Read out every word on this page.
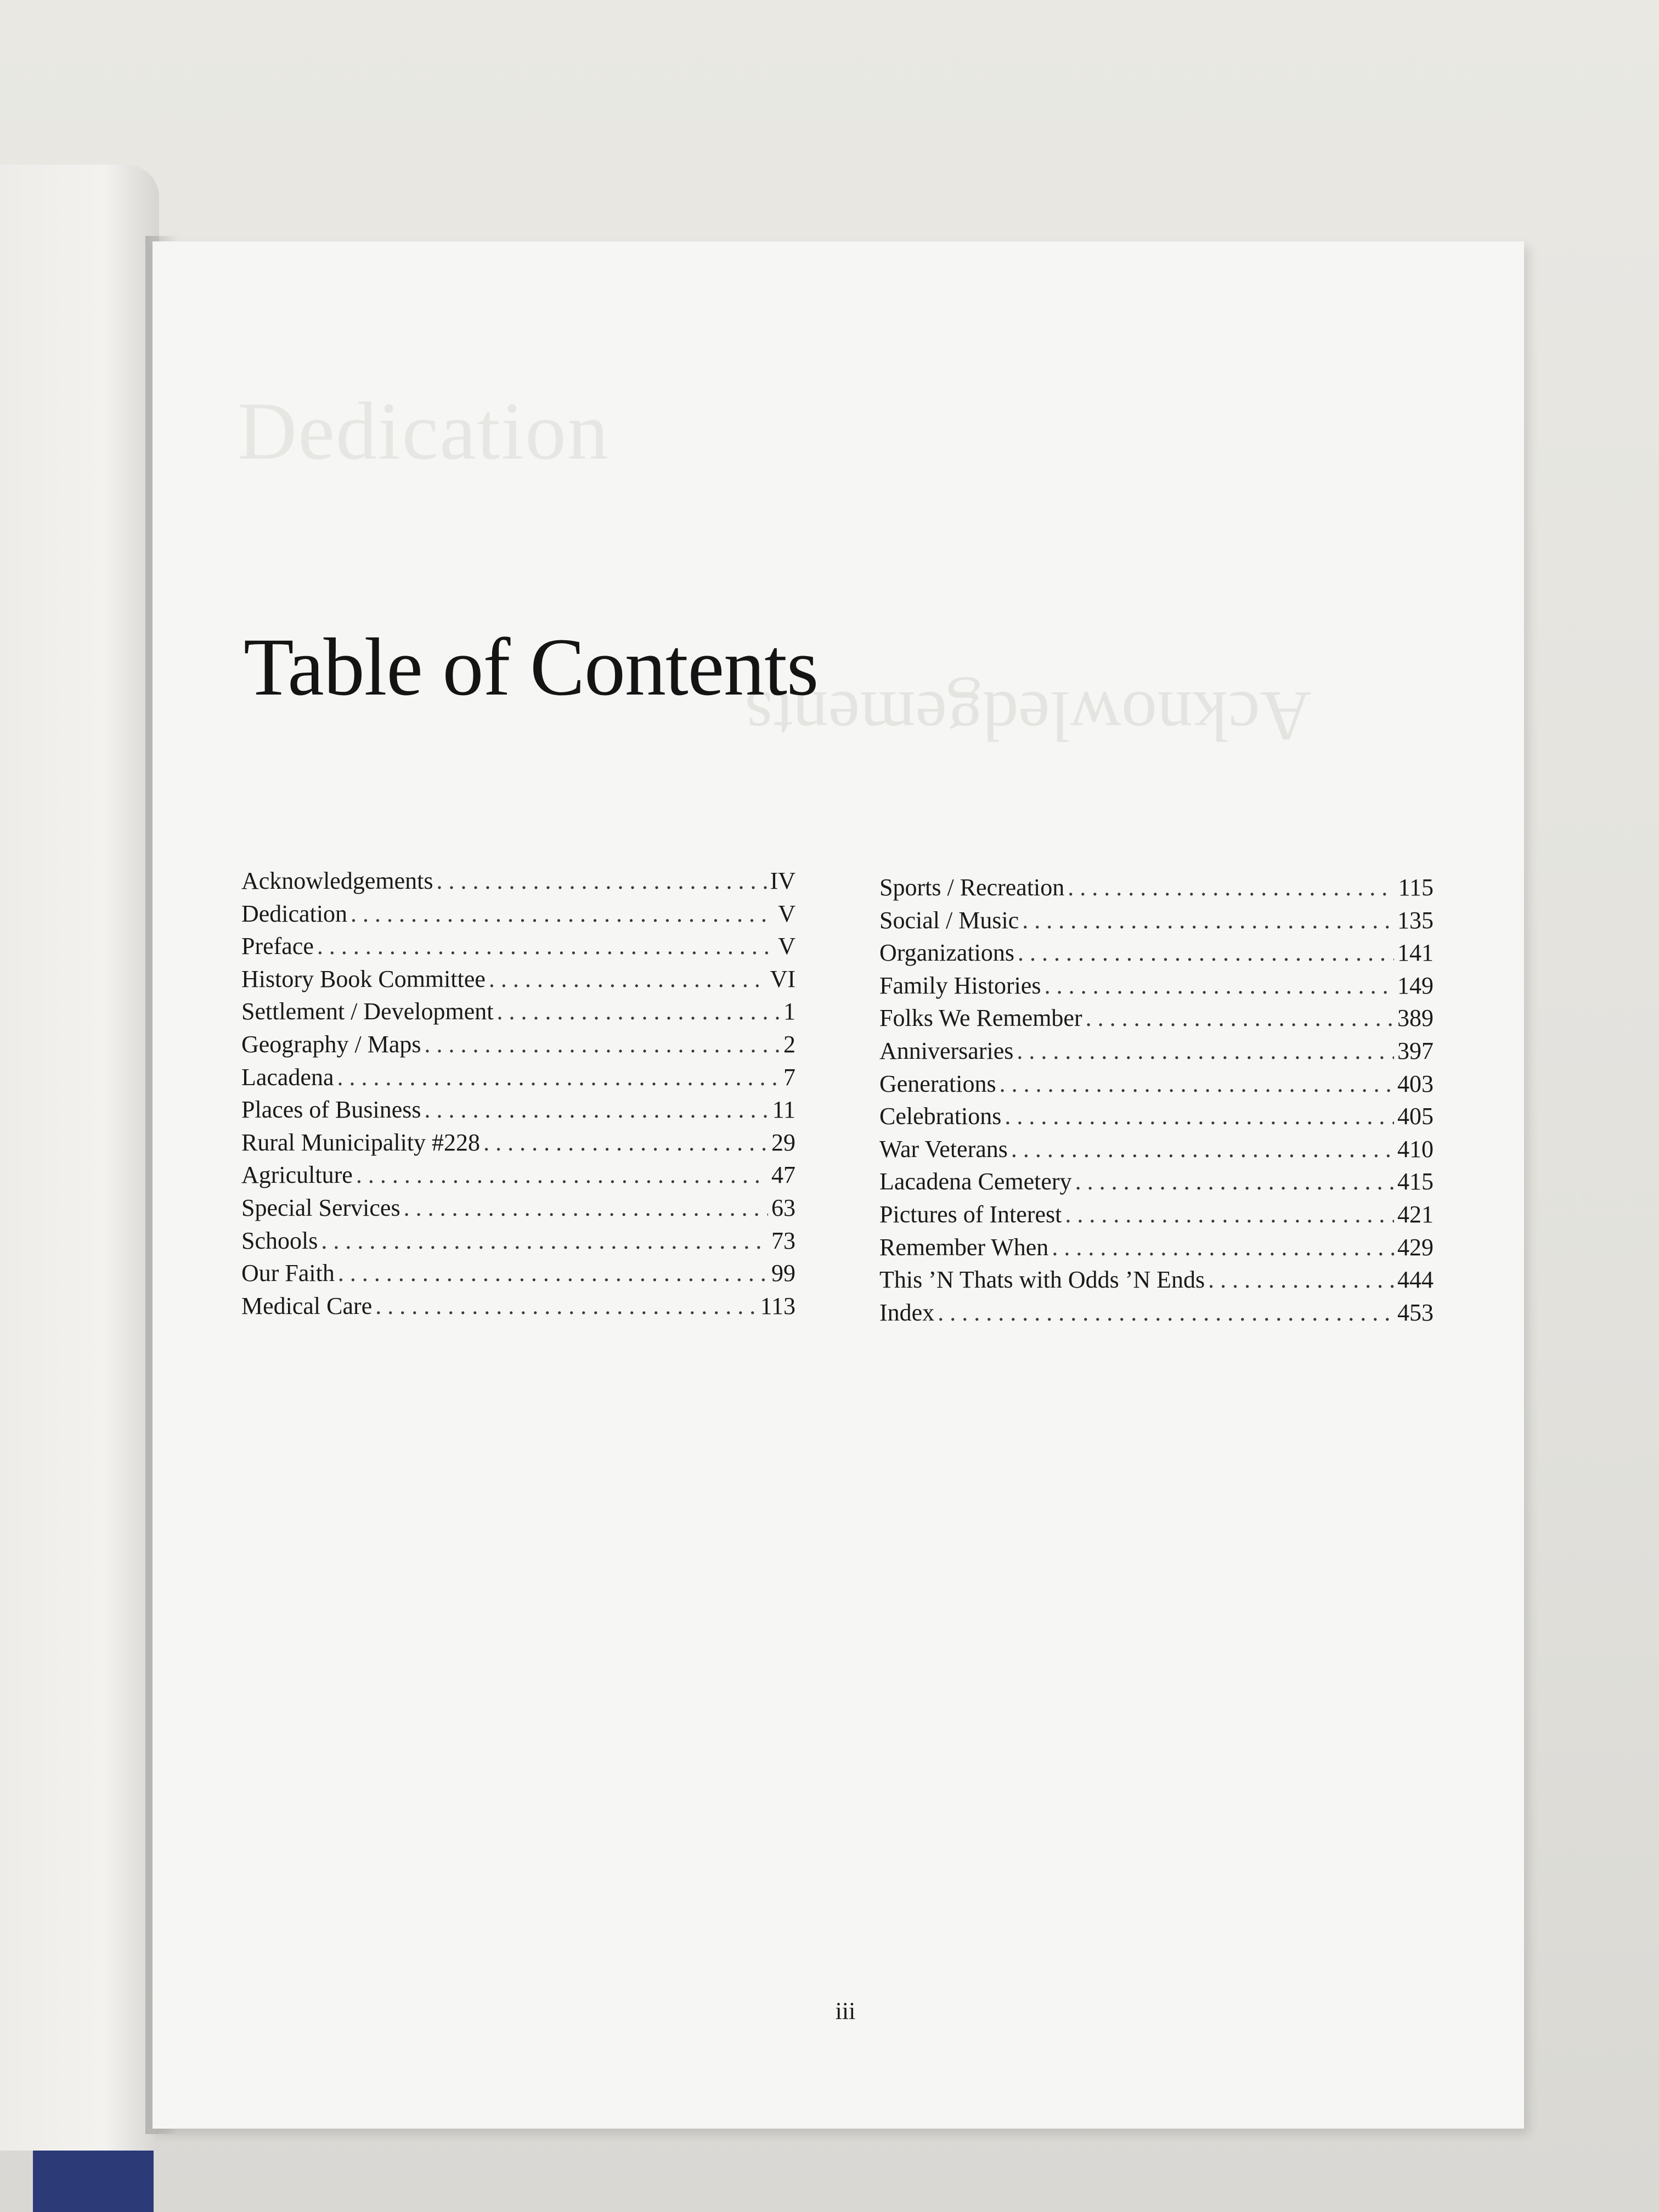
Dedication
Acknowledgements
Table of Contents
Acknowledgements . . .	IV
Dedication . . .	V
Preface . . .	V
History Book Committee . . .	VI
Settlement / Development . . .	1
Geography / Maps . . .	2
Lacadena . . .	7
Places of Business . . .	11
Rural Municipality #228 . . .	29
Agriculture . . .	47
Special Services . . .	63
Schools . . .	73
Our Faith . . .	99
Medical Care . . .	113
Sports / Recreation . . .	115
Social / Music . . .	135
Organizations . . .	141
Family Histories . . .	149
Folks We Remember . . .	389
Anniversaries . . .	397
Generations . . .	403
Celebrations . . .	405
War Veterans . . .	410
Lacadena Cemetery . . .	415
Pictures of Interest . . .	421
Remember When . . .	429
This ’N Thats with Odds ’N Ends . . .	444
Index . . .	453
iii
